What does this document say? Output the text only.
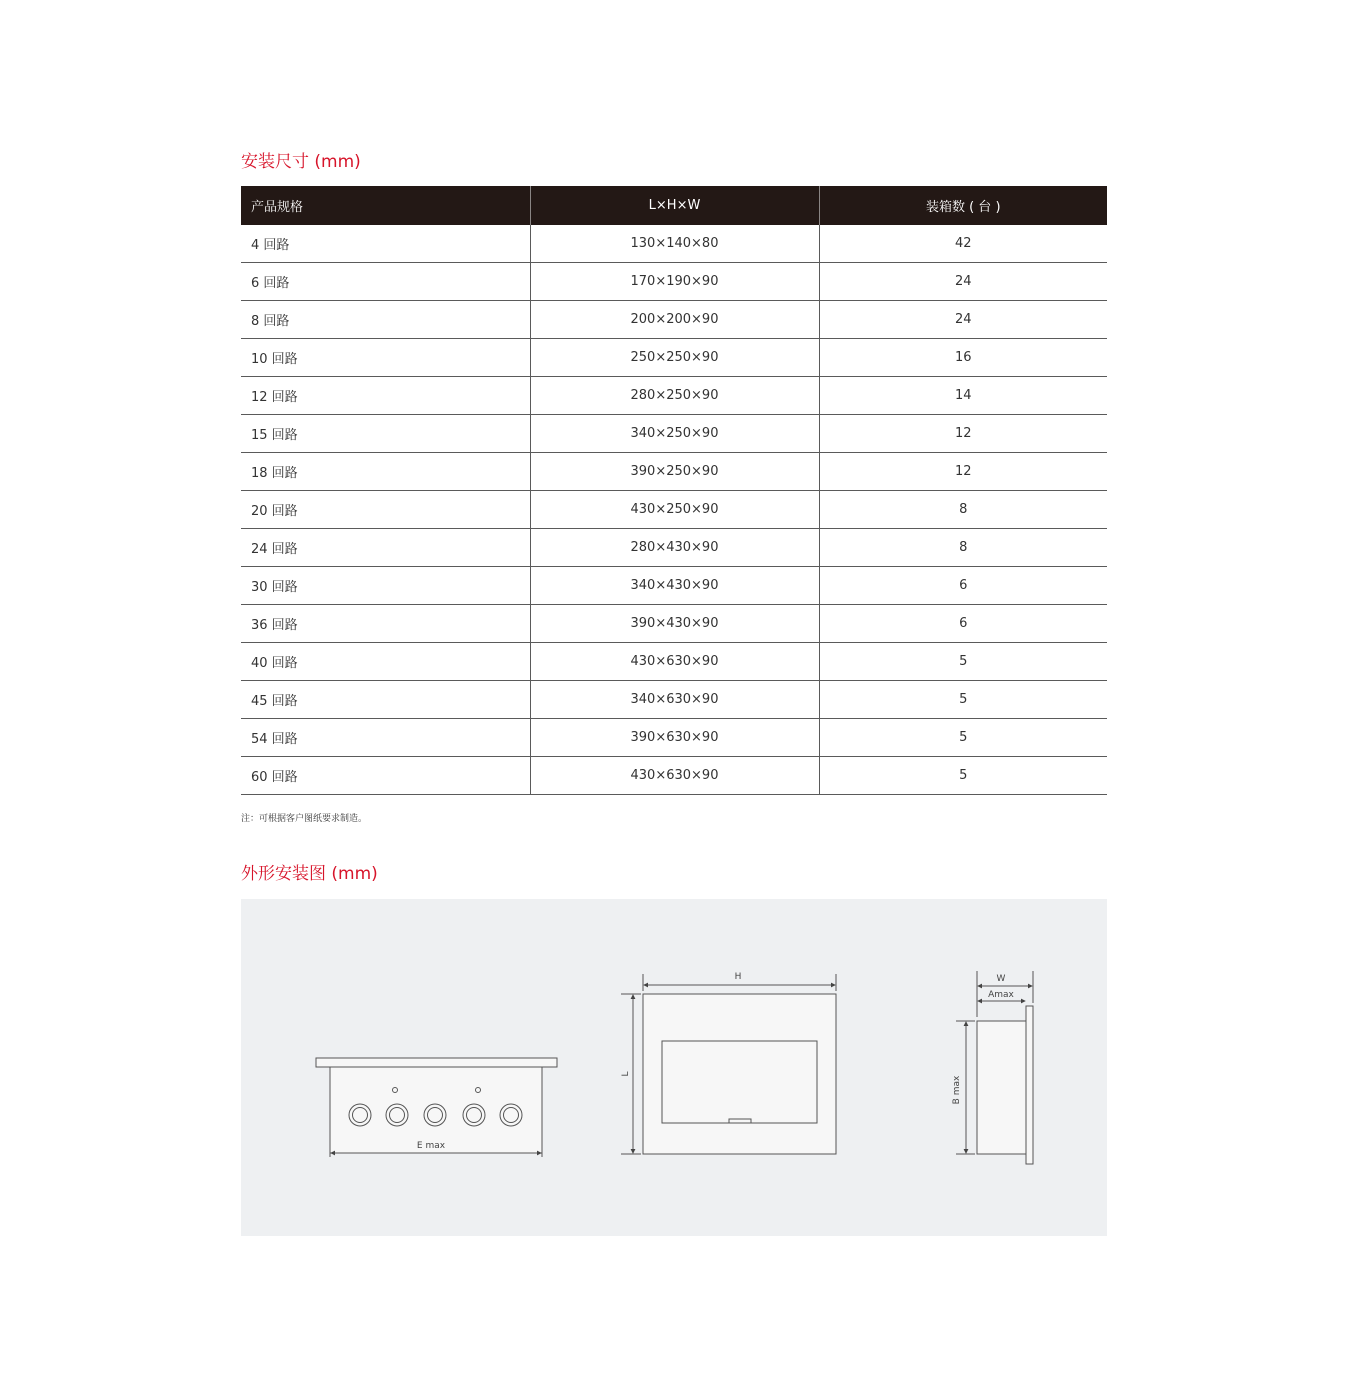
安装尺寸 (mm)
产品规格	L×H×W	装箱数 ( 台 )
4 回路	130×140×80	42
6 回路	170×190×90	24
8 回路	200×200×90	24
10 回路	250×250×90	16
12 回路	280×250×90	14
15 回路	340×250×90	12
18 回路	390×250×90	12
20 回路	430×250×90	8
24 回路	280×430×90	8
30 回路	340×430×90	6
36 回路	390×430×90	6
40 回路	430×630×90	5
45 回路	340×630×90	5
54 回路	390×630×90	5
60 回路	430×630×90	5
注：可根据客户图纸要求制造。
外形安装图 (mm)
E max
H
L
W
Amax
B max
